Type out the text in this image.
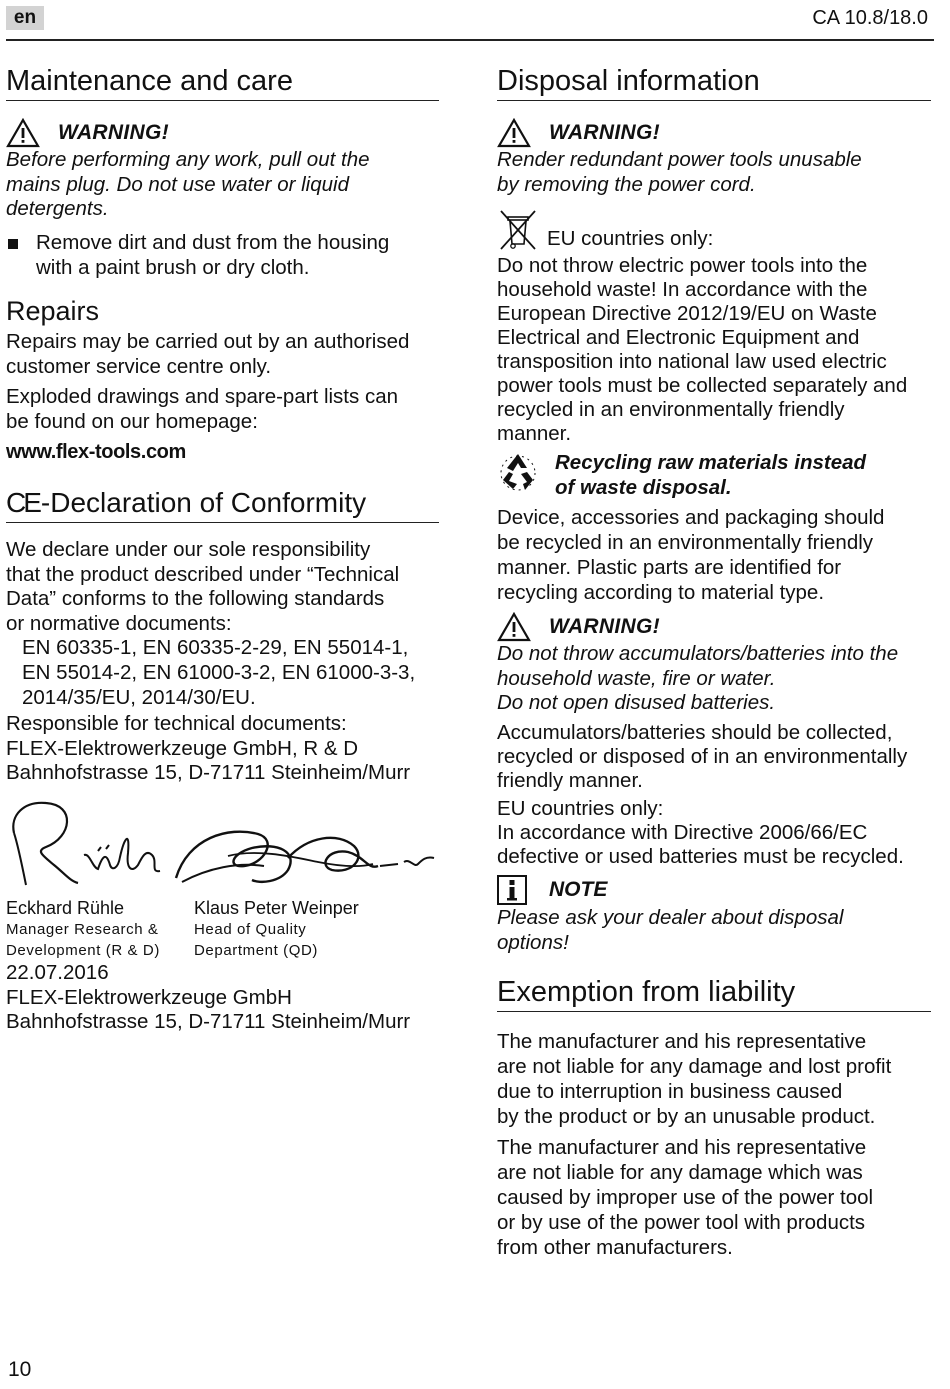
en	CA 10.8/18.0
Maintenance and care
WARNING!

Before performing any work, pull out the

mains plug. Do not use water or liquid

detergents.

Remove dirt and dust from the housing

with a paint brush or dry cloth.

Repairs

Repairs may be carried out by an authorised

customer service centre only.

Exploded drawings and spare-part lists can

be found on our homepage:

www.flex-tools.com

CE -Declaration of Conformity

We declare under our sole responsibility

that the product described under “Technical

Data” conforms to the following standards

or normative documents:

EN 60335-1, EN 60335-2-29, EN 55014-1,

EN 55014-2, EN 61000-3-2, EN 61000-3-3,

2014/35/EU, 2014/30/EU.

Responsible for technical documents:

FLEX-Elektrowerkzeuge GmbH, R & D

Bahnhofstrasse 15, D-71711 Steinheim/Murr

Eckhard Rühle
Manager Research &
Development (R & D)
Klaus Peter Weinper
Head of Quality
Department (QD)

22.07.2016

FLEX-Elektrowerkzeuge GmbH

Bahnhofstrasse 15, D-71711 Steinheim/Murr

10
Disposal information
WARNING!

Render redundant power tools unusable

by removing the power cord.

EU countries only:

Do not throw electric power tools into the

household waste! In accordance with the

European Directive 2012/19/EU on Waste

Electrical and Electronic Equipment and

transposition into national law used electric

power tools must be collected separately and

recycled in an environmentally friendly

manner.

Recycling raw materials instead

of waste disposal.

Device, accessories and packaging should

be recycled in an environmentally friendly

manner. Plastic parts are identified for

recycling according to material type.

WARNING!

Do not throw accumulators/batteries into the

household waste, fire or water.

Do not open disused batteries.

Accumulators/batteries should be collected,

recycled or disposed of in an environmentally

friendly manner.

EU countries only:

In accordance with Directive 2006/66/EC

defective or used batteries must be recycled.

NOTE

Please ask your dealer about disposal

options!

Exemption from liability

The manufacturer and his representative

are not liable for any damage and lost profit

due to interruption in business caused

by the product or by an unusable product.

The manufacturer and his representative

are not liable for any damage which was

caused by improper use of the power tool

or by use of the power tool with products

from other manufacturers.
